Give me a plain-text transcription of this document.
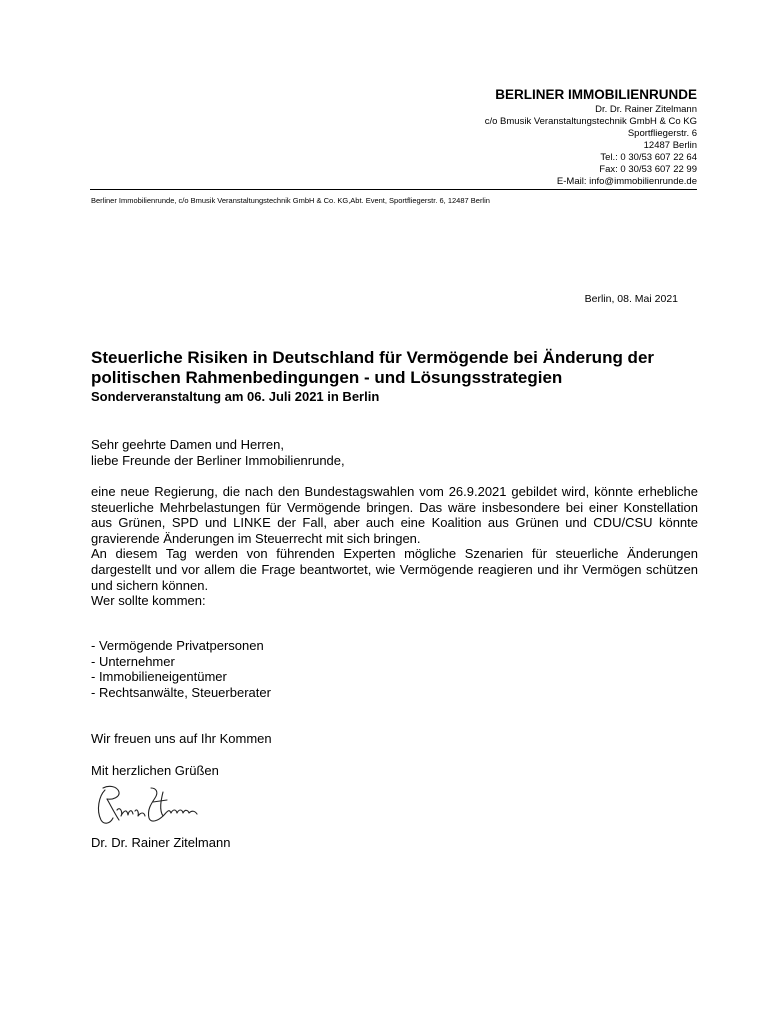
BERLINER IMMOBILIENRUNDE
Dr. Dr. Rainer Zitelmann
c/o Bmusik Veranstaltungstechnik GmbH & Co KG
Sportfliegerstr. 6
12487 Berlin
Tel.: 0 30/53 607 22 64
Fax: 0 30/53 607 22 99
E-Mail: info@immobilienrunde.de
Berliner Immobilienrunde, c/o Bmusik Veranstaltungstechnik GmbH & Co. KG,Abt. Event, Sportfliegerstr. 6, 12487 Berlin
Berlin, 08. Mai 2021
Steuerliche Risiken in Deutschland für Vermögende bei Änderung der politischen Rahmenbedingungen - und Lösungsstrategien
Sonderveranstaltung am 06. Juli 2021 in Berlin
Sehr geehrte Damen und Herren,
liebe Freunde der Berliner Immobilienrunde,

eine neue Regierung, die nach den Bundestagswahlen vom 26.9.2021 gebildet wird, könnte erhebliche steuerliche Mehrbelastungen für Vermögende bringen. Das wäre insbesondere bei einer Konstellation aus Grünen, SPD und LINKE der Fall, aber auch eine Koalition aus Grünen und CDU/CSU könnte gravierende Änderungen im Steuerrecht mit sich bringen.

An diesem Tag werden von führenden Experten mögliche Szenarien für steuerliche Änderungen dargestellt und vor allem die Frage beantwortet, wie Vermögende reagieren und ihr Vermögen schützen und sichern können.

Wer sollte kommen:

- Vermögende Privatpersonen
- Unternehmer
- Immobilieneigentümer
- Rechtsanwälte, Steuerberater
Wir freuen uns auf Ihr Kommen
Mit herzlichen Grüßen
Dr. Dr. Rainer Zitelmann
